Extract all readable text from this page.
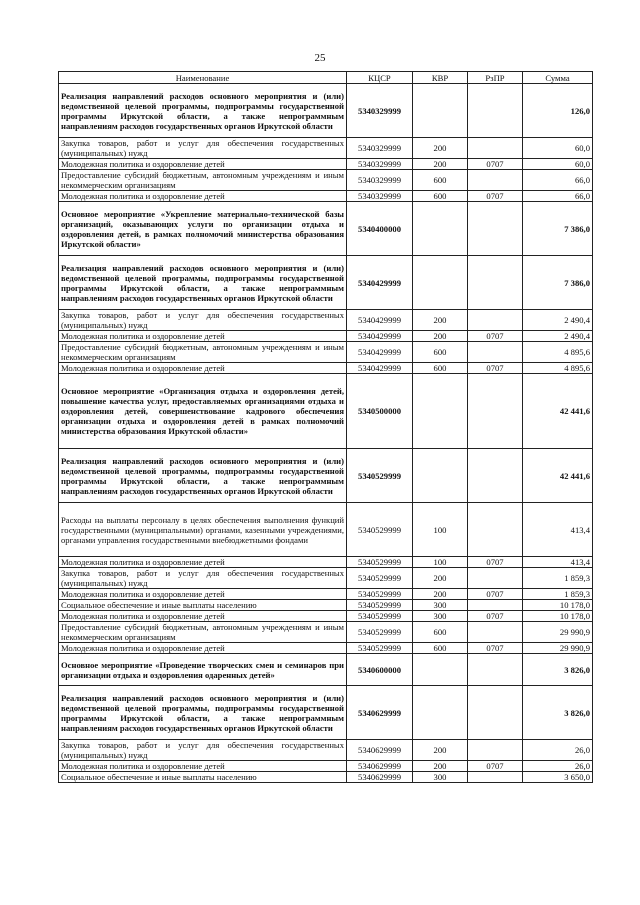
25
Наименование	КЦСР	КВР	РзПР	Сумма
Реализация направлений расходов основного мероприятия и (или) ведомственной целевой программы, подпрограммы государственной программы Иркутской области, а также непрограммным направлениям расходов государственных органов Иркутской области	5340329999			126,0
Закупка товаров, работ и услуг для обеспечения государственных (муниципальных) нужд	5340329999	200		60,0
Молодежная политика и оздоровление детей	5340329999	200	0707	60,0
Предоставление субсидий бюджетным, автономным учреждениям и иным некоммерческим организациям	5340329999	600		66,0
Молодежная политика и оздоровление детей	5340329999	600	0707	66,0
Основное мероприятие «Укрепление материально-технической базы организаций, оказывающих услуги по организации отдыха и оздоровления детей, в рамках полномочий министерства образования Иркутской области»	5340400000			7 386,0
Реализация направлений расходов основного мероприятия и (или) ведомственной целевой программы, подпрограммы государственной программы Иркутской области, а также непрограммным направлениям расходов государственных органов Иркутской области	5340429999			7 386,0
Закупка товаров, работ и услуг для обеспечения государственных (муниципальных) нужд	5340429999	200		2 490,4
Молодежная политика и оздоровление детей	5340429999	200	0707	2 490,4
Предоставление субсидий бюджетным, автономным учреждениям и иным некоммерческим организациям	5340429999	600		4 895,6
Молодежная политика и оздоровление детей	5340429999	600	0707	4 895,6
Основное мероприятие «Организация отдыха и оздоровления детей, повышение качества услуг, предоставляемых организациями отдыха и оздоровления детей, совершенствование кадрового обеспечения организации отдыха и оздоровления детей в рамках полномочий министерства образования Иркутской области»	5340500000			42 441,6
Реализация направлений расходов основного мероприятия и (или) ведомственной целевой программы, подпрограммы государственной программы Иркутской области, а также непрограммным направлениям расходов государственных органов Иркутской области	5340529999			42 441,6
Расходы на выплаты персоналу в целях обеспечения выполнения функций государственными (муниципальными) органами, казенными учреждениями, органами управления государственными внебюджетными фондами	5340529999	100		413,4
Молодежная политика и оздоровление детей	5340529999	100	0707	413,4
Закупка товаров, работ и услуг для обеспечения государственных (муниципальных) нужд	5340529999	200		1 859,3
Молодежная политика и оздоровление детей	5340529999	200	0707	1 859,3
Социальное обеспечение и иные выплаты населению	5340529999	300		10 178,0
Молодежная политика и оздоровление детей	5340529999	300	0707	10 178,0
Предоставление субсидий бюджетным, автономным учреждениям и иным некоммерческим организациям	5340529999	600		29 990,9
Молодежная политика и оздоровление детей	5340529999	600	0707	29 990,9
Основное мероприятие «Проведение творческих смен и семинаров при организации отдыха и оздоровления одаренных детей»	5340600000			3 826,0
Реализация направлений расходов основного мероприятия и (или) ведомственной целевой программы, подпрограммы государственной программы Иркутской области, а также непрограммным направлениям расходов государственных органов Иркутской области	5340629999			3 826,0
Закупка товаров, работ и услуг для обеспечения государственных (муниципальных) нужд	5340629999	200		26,0
Молодежная политика и оздоровление детей	5340629999	200	0707	26,0
Социальное обеспечение и иные выплаты населению	5340629999	300		3 650,0
